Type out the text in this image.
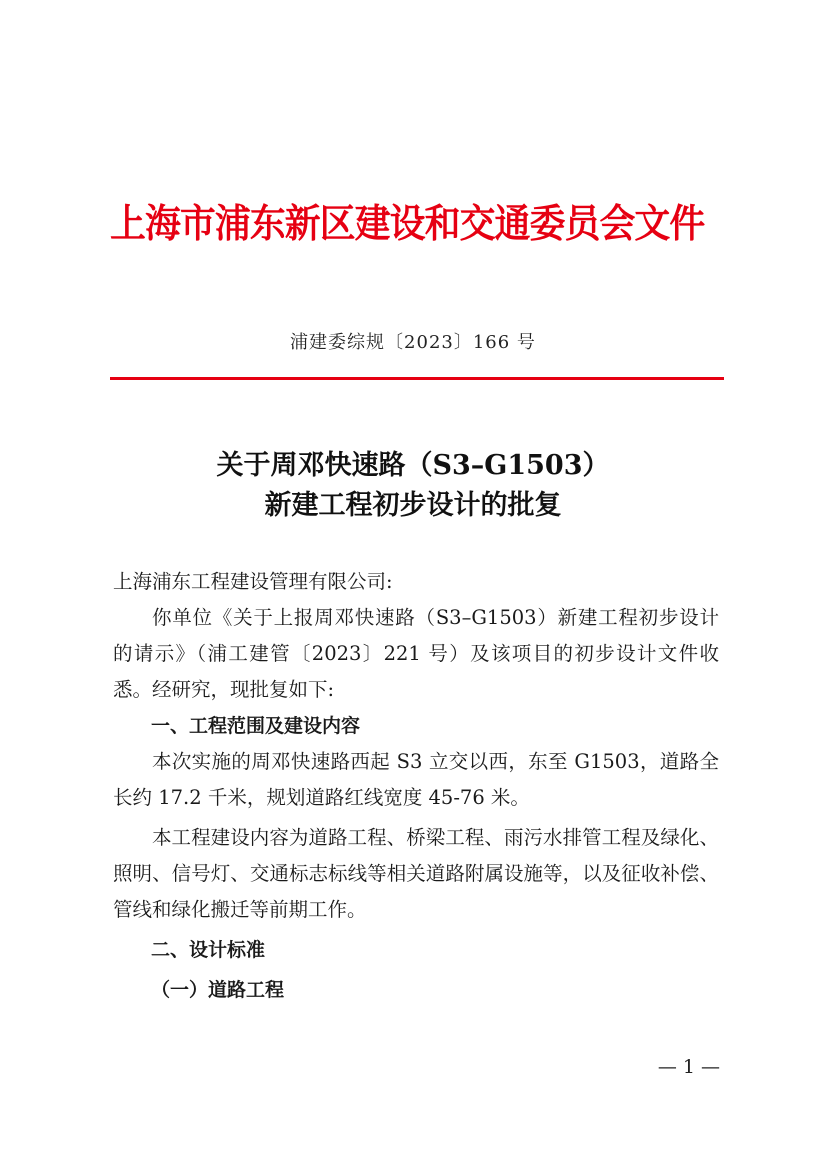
上海市浦东新区建设和交通委员会文件
浦建委综规〔2023〕166 号
关于周邓快速路（S3–G1503）
新建工程初步设计的批复

上海浦东工程建设管理有限公司:

你单位《关于上报周邓快速路（S3–G1503）新建工程初步设计的请示》（浦工建管〔2023〕221 号）及该项目的初步设计文件收悉。经研究，现批复如下:

一、工程范围及建设内容

本次实施的周邓快速路西起 S3 立交以西，东至 G1503，道路全长约 17.2 千米，规划道路红线宽度 45-76 米。

本工程建设内容为道路工程、桥梁工程、雨污水排管工程及绿化、照明、信号灯、交通标志标线等相关道路附属设施等，以及征收补偿、管线和绿化搬迁等前期工作。

二、设计标准

（一）道路工程

— 1 —
